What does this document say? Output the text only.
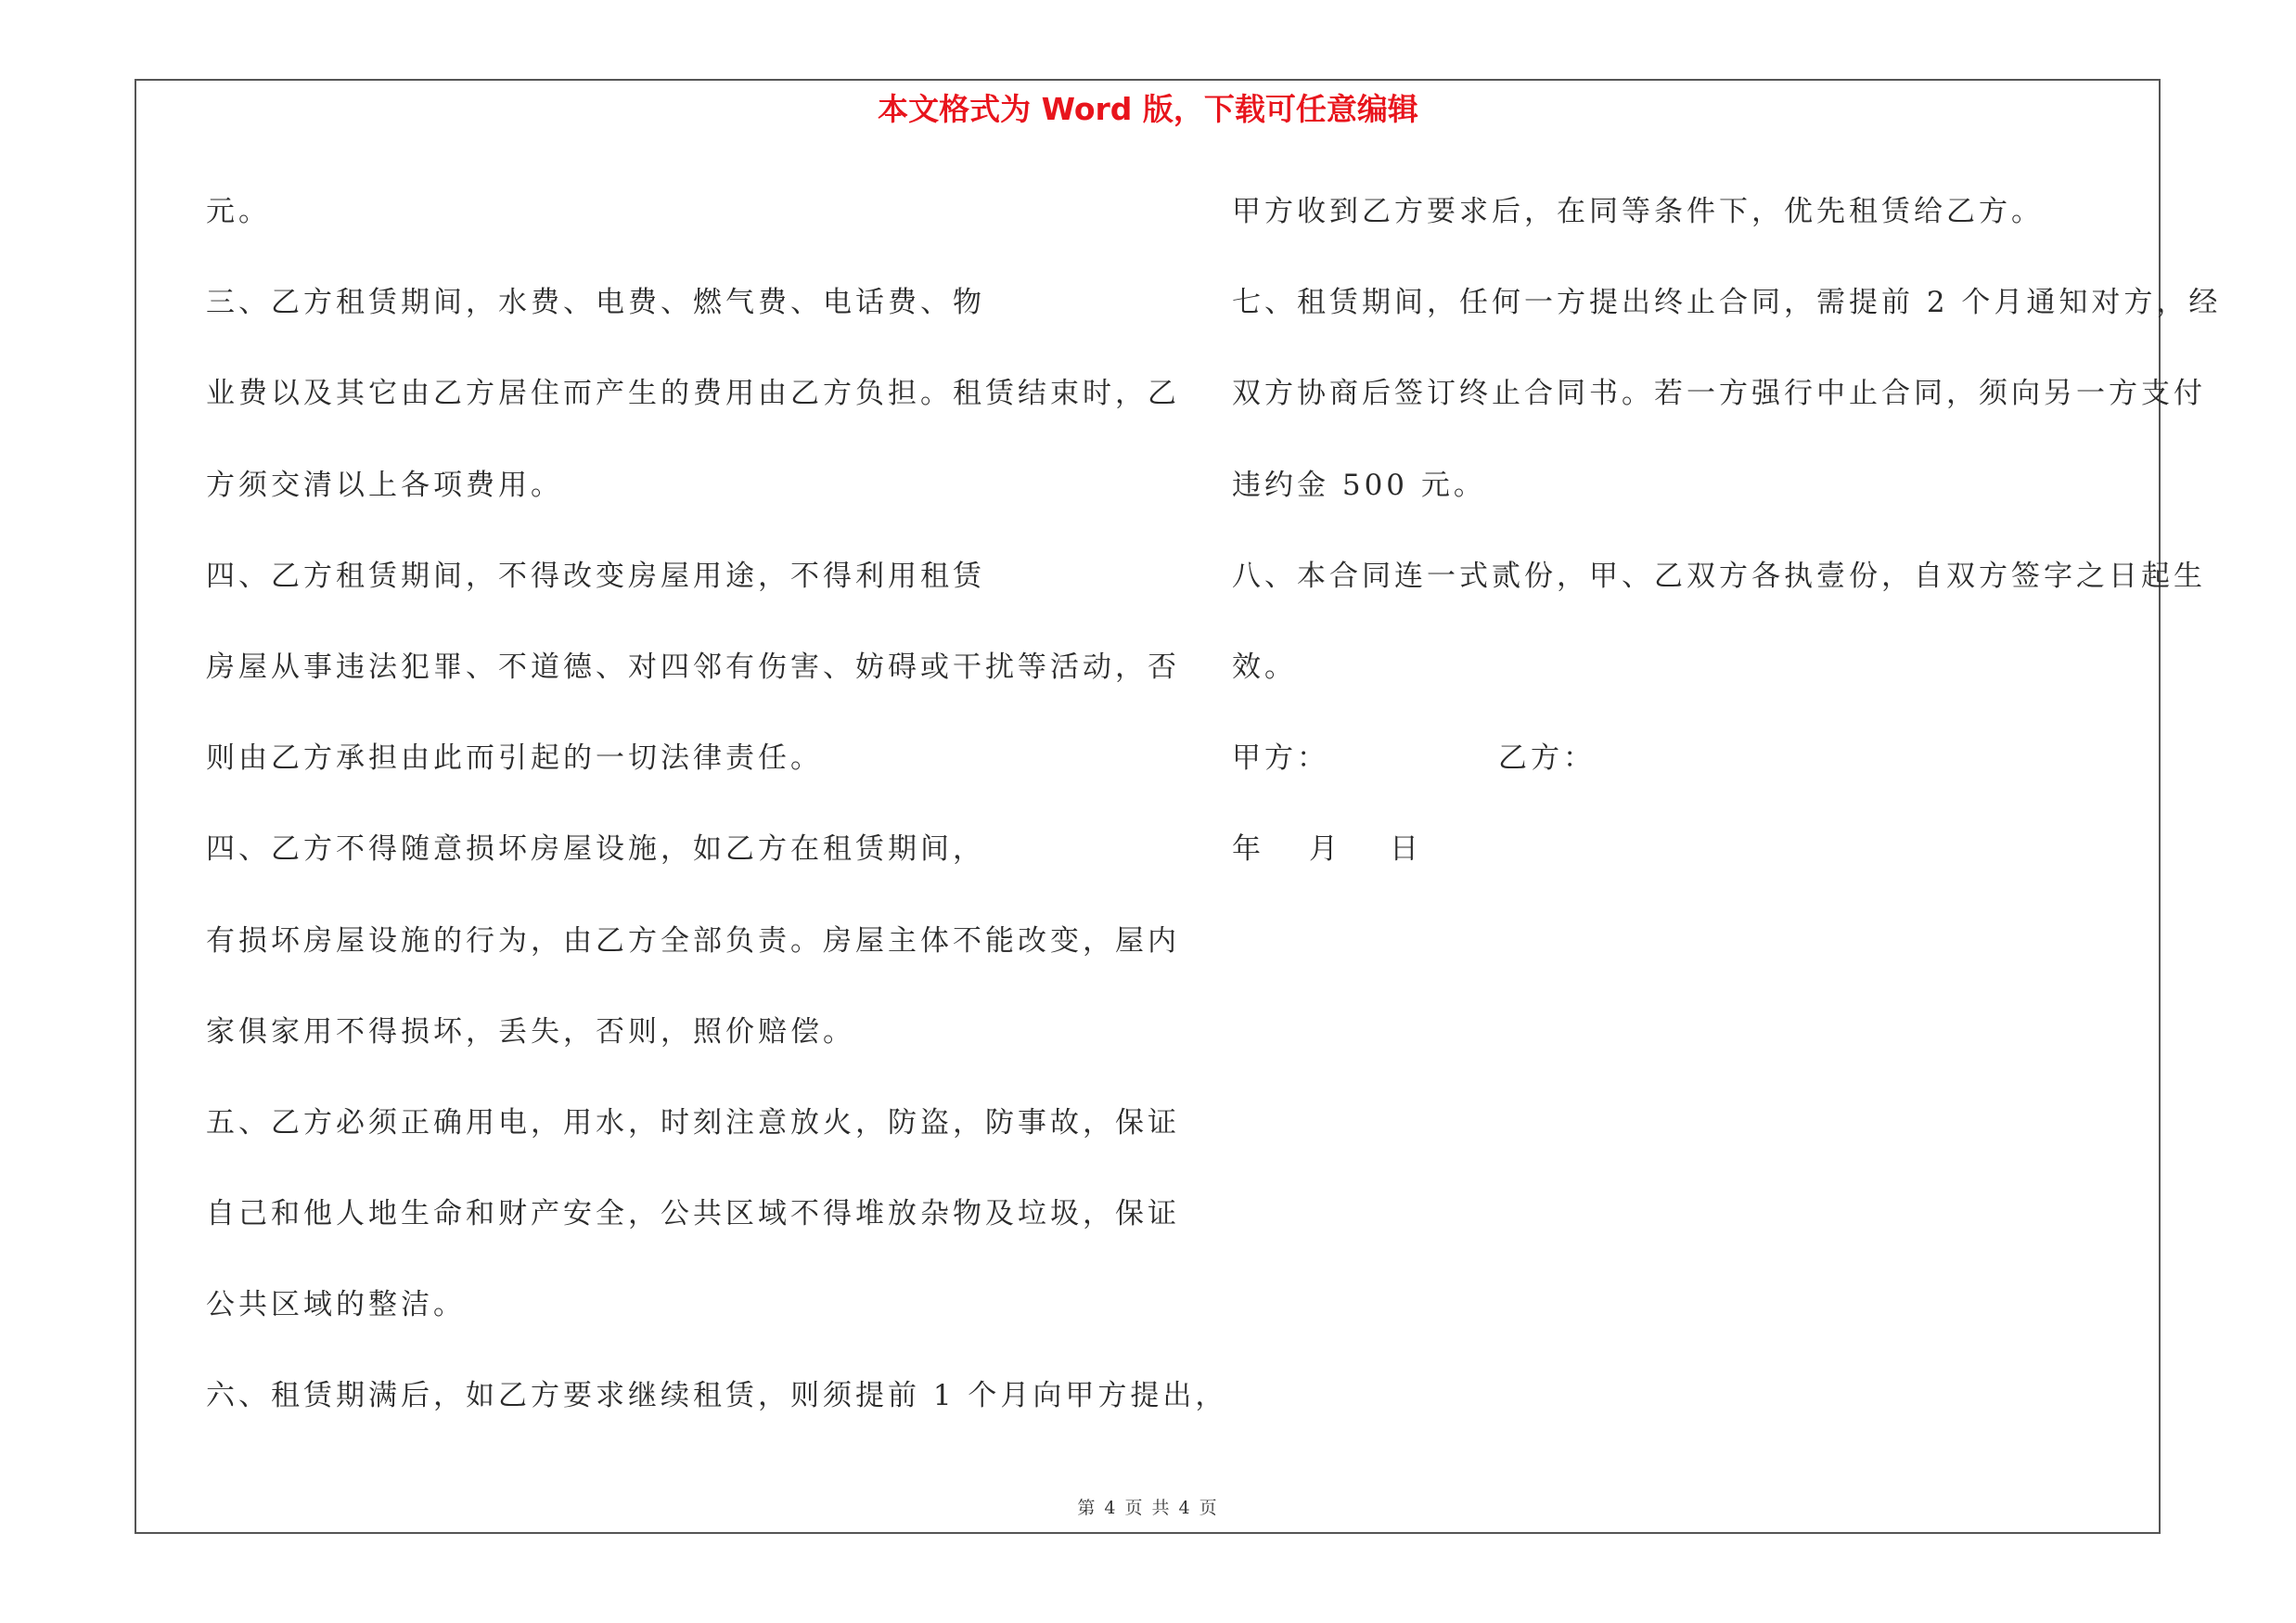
本文格式为 Word 版，下载可任意编辑
元。
三、乙方租赁期间，水费、电费、燃气费、电话费、物
业费以及其它由乙方居住而产生的费用由乙方负担。租赁结束时，乙
方须交清以上各项费用。
四、乙方租赁期间，不得改变房屋用途，不得利用租赁
房屋从事违法犯罪、不道德、对四邻有伤害、妨碍或干扰等活动，否
则由乙方承担由此而引起的一切法律责任。
四、乙方不得随意损坏房屋设施，如乙方在租赁期间，
有损坏房屋设施的行为，由乙方全部负责。房屋主体不能改变，屋内
家俱家用不得损坏，丢失，否则，照价赔偿。
五、乙方必须正确用电，用水，时刻注意放火，防盗，防事故，保证
自己和他人地生命和财产安全，公共区域不得堆放杂物及垃圾，保证
公共区域的整洁。
六、租赁期满后，如乙方要求继续租赁，则须提前 1 个月向甲方提出，
甲方收到乙方要求后，在同等条件下，优先租赁给乙方。
七、租赁期间，任何一方提出终止合同，需提前 2 个月通知对方，经
双方协商后签订终止合同书。若一方强行中止合同，须向另一方支付
违约金 500 元。
八、本合同连一式贰份，甲、乙双方各执壹份，自双方签字之日起生
效。
甲方：	乙方：
年 月 日
第 4 页 共 4 页
